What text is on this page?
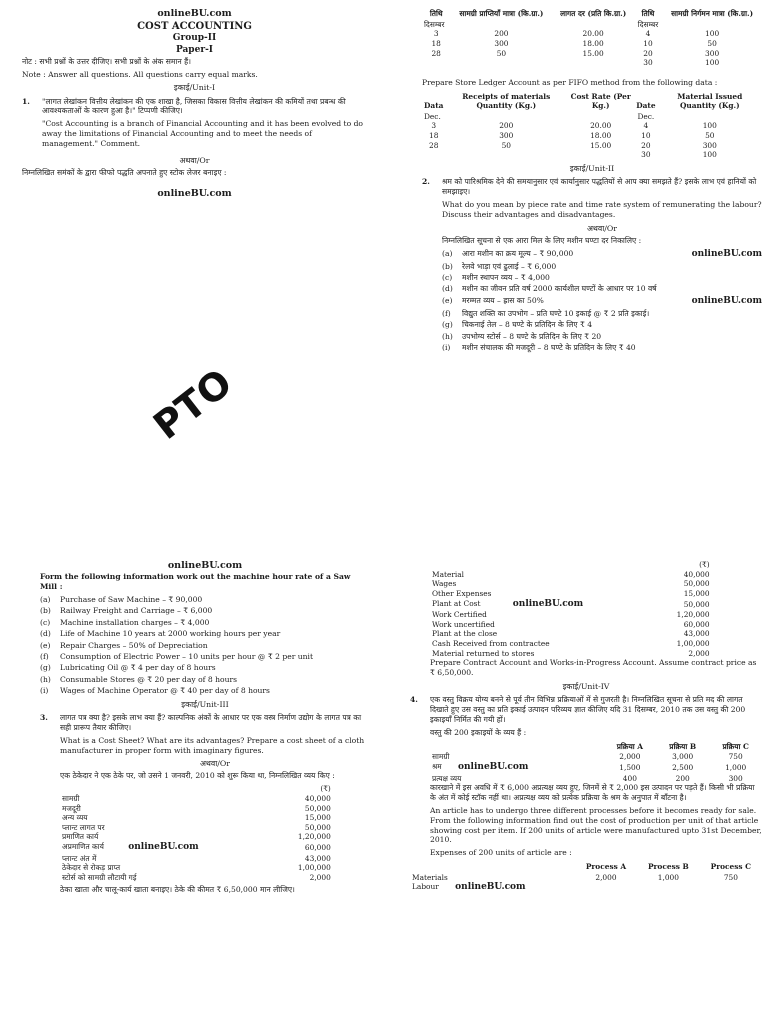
onlineBU.com
COST ACCOUNTING
Group-II
Paper-I

नोट : सभी प्रश्नों के उत्तर दीजिए। सभी प्रश्नों के अंक समान हैं।

Note : Answer all questions. All questions carry equal marks.

इकाई/Unit-I
1.	"लागत लेखांकन वित्तीय लेखांकन की एक शाखा है, जिसका विकास वित्तीय लेखांकन की कमियों तथा प्रबन्ध की आवश्यकताओं के कारण हुआ है।" टिप्पणी कीजिए।

"Cost Accounting is a branch of Financial Accounting and it has been evolved to do away the limitations of Financial Accounting and to meet the needs of management." Comment.

अथवा/Or

निम्नलिखित समंकों के द्वारा फीफो पद्धति अपनाते हुए स्टोक लेजर बनाइए :

onlineBU.com
PTO
तिथि	सामग्री प्राप्तियाँ मात्रा (कि.ग्रा.)	लागत दर (प्रति कि.ग्रा.)	तिथि	सामग्री निर्गमन मात्रा (कि.ग्रा.)
दिसम्बर			दिसम्बर	
3	200	20.00	4	100
18	300	18.00	10	50
28	50	15.00	20	300
			30	100

Prepare Store Ledger Account as per FIFO method from the following data :

Data	Receipts of materials Quantity (Kg.)	Cost Rate (Per Kg.)	Date	Material Issued Quantity (Kg.)
Dec.			Dec.	
3	200	20.00	4	100
18	300	18.00	10	50
28	50	15.00	20	300
			30	100
इकाई/Unit-II
2.	श्रम को पारिश्रमिक देने की समयानुसार एवं कार्यानुसार पद्धतियों से आप क्या समझते हैं? इसके लाभ एवं हानियों को समझाइए।

What do you mean by piece rate and time rate system of remunerating the labour? Discuss their advantages and disadvantages.

अथवा/Or

निम्नलिखित सूचना से एक आरा मिल के लिए मशीन घण्टा दर निकालिए :

(a)	आरा मशीन का क्रय मूल्य – ₹ 90,000	onlineBU.com
(b)	रेलवे भाड़ा एवं ढुलाई – ₹ 6,000
(c)	मशीन स्थापन व्यय – ₹ 4,000
(d)	मशीन का जीवन प्रति वर्ष 2000 कार्यशील घण्टों के आधार पर 10 वर्ष
(e)	मरम्मत व्यय – ह्रास का 50%	onlineBU.com
(f)	विद्युत शक्ति का उपभोग – प्रति घण्टे 10 इकाई @ ₹ 2 प्रति इकाई।
(g)	चिकनाई तेल – 8 घण्टे के प्रतिदिन के लिए ₹ 4
(h)	उपभोग्य स्टोर्स – 8 घण्टे के प्रतिदिन के लिए ₹ 20
(i)	मशीन संचालक की मजदूरी – 8 घण्टे के प्रतिदिन के लिए ₹ 40
onlineBU.com

Form the following information work out the machine hour rate of a Saw Mill :

(a)	Purchase of Saw Machine – ₹ 90,000
(b)	Railway Freight and Carriage – ₹ 6,000
(c)	Machine installation charges – ₹ 4,000
(d)	Life of Machine 10 years at 2000 working hours per year
(e)	Repair Charges – 50% of Depreciation
(f)	Consumption of Electric Power – 10 units per hour @ ₹ 2 per unit
(g)	Lubricating Oil @ ₹ 4 per day of 8 hours
(h)	Consumable Stores @ ₹ 20 per day of 8 hours
(i)	Wages of Machine Operator @ ₹ 40 per day of 8 hours
इकाई/Unit-III
3.	लागत पत्र क्या है? इसके लाभ क्या हैं? काल्पनिक अंकों के आधार पर एक वस्त्र निर्माण उद्योग के लागत पत्र का सही प्रारूप तैयार कीजिए।

What is a Cost Sheet? What are its advantages? Prepare a cost sheet of a cloth manufacturer in proper form with imaginary figures.

अथवा/Or

एक ठेकेदार ने एक ठेके पर, जो उसने 1 जनवरी, 2010 को शुरू किया था, निम्नलिखित व्यय किए :

	(₹)
सामग्री	40,000
मजदूरी	50,000
अन्य व्यय	15,000
प्लान्ट लागत पर	50,000
प्रमाणित कार्य	1,20,000
अप्रमाणित कार्य onlineBU.com	60,000
प्लान्ट अंत में	43,000
ठेकेदार से रोकड़ प्राप्त	1,00,000
स्टोर्स को सामग्री लौटायी गई	2,000

ठेका खाता और चालू-कार्य खाता बनाइए। ठेके की कीमत ₹ 6,50,000 मान लीजिए।

	(₹)
Material	40,000
Wages	50,000
Other Expenses	15,000
Plant at Cost onlineBU.com	50,000
Work Certified	1,20,000
Work uncertified	60,000
Plant at the close	43,000
Cash Received from contractee	1,00,000
Material returned to stores	2,000

Prepare Contract Account and Works-in-Progress Account. Assume contract price as ₹ 6,50,000.

इकाई/Unit-IV
4.	एक वस्तु विक्रय योग्य बनने से पूर्व तीन विभिन्न प्रक्रियाओं में से गुजरती है। निम्नलिखित सूचना से प्रति मद की लागत दिखाते हुए उस वस्तु का प्रति इकाई उत्पादन परिव्यय ज्ञात कीजिए यदि 31 दिसम्बर, 2010 तक उस वस्तु की 200 इकाइयाँ निर्मित की गयी हों।

वस्तु की 200 इकाइयों के व्यय हैं :

	प्रक्रिया A	प्रक्रिया B	प्रक्रिया C
सामग्री	2,000	3,000	750
श्रम onlineBU.com	1,500	2,500	1,000
प्रत्यक्ष व्यय	400	200	300

कारखाने में इस अवधि में ₹ 6,000 अप्रत्यक्ष व्यय हुए, जिनमें से ₹ 2,000 इस उत्पादन पर पड़ते हैं। किसी भी प्रक्रिया के अंत में कोई स्टॉक नहीं था। अप्रत्यक्ष व्यय को प्रत्येक प्रक्रिया के श्रम के अनुपात में बाँटना है।

An article has to undergo three different processes before it becomes ready for sale. From the following information find out the cost of production per unit of that article showing cost per item. If 200 units of article were manufactured upto 31st December, 2010.

Expenses of 200 units of article are :

	Process A	Process B	Process C
Materials	2,000	1,000	750
Labour onlineBU.com			
